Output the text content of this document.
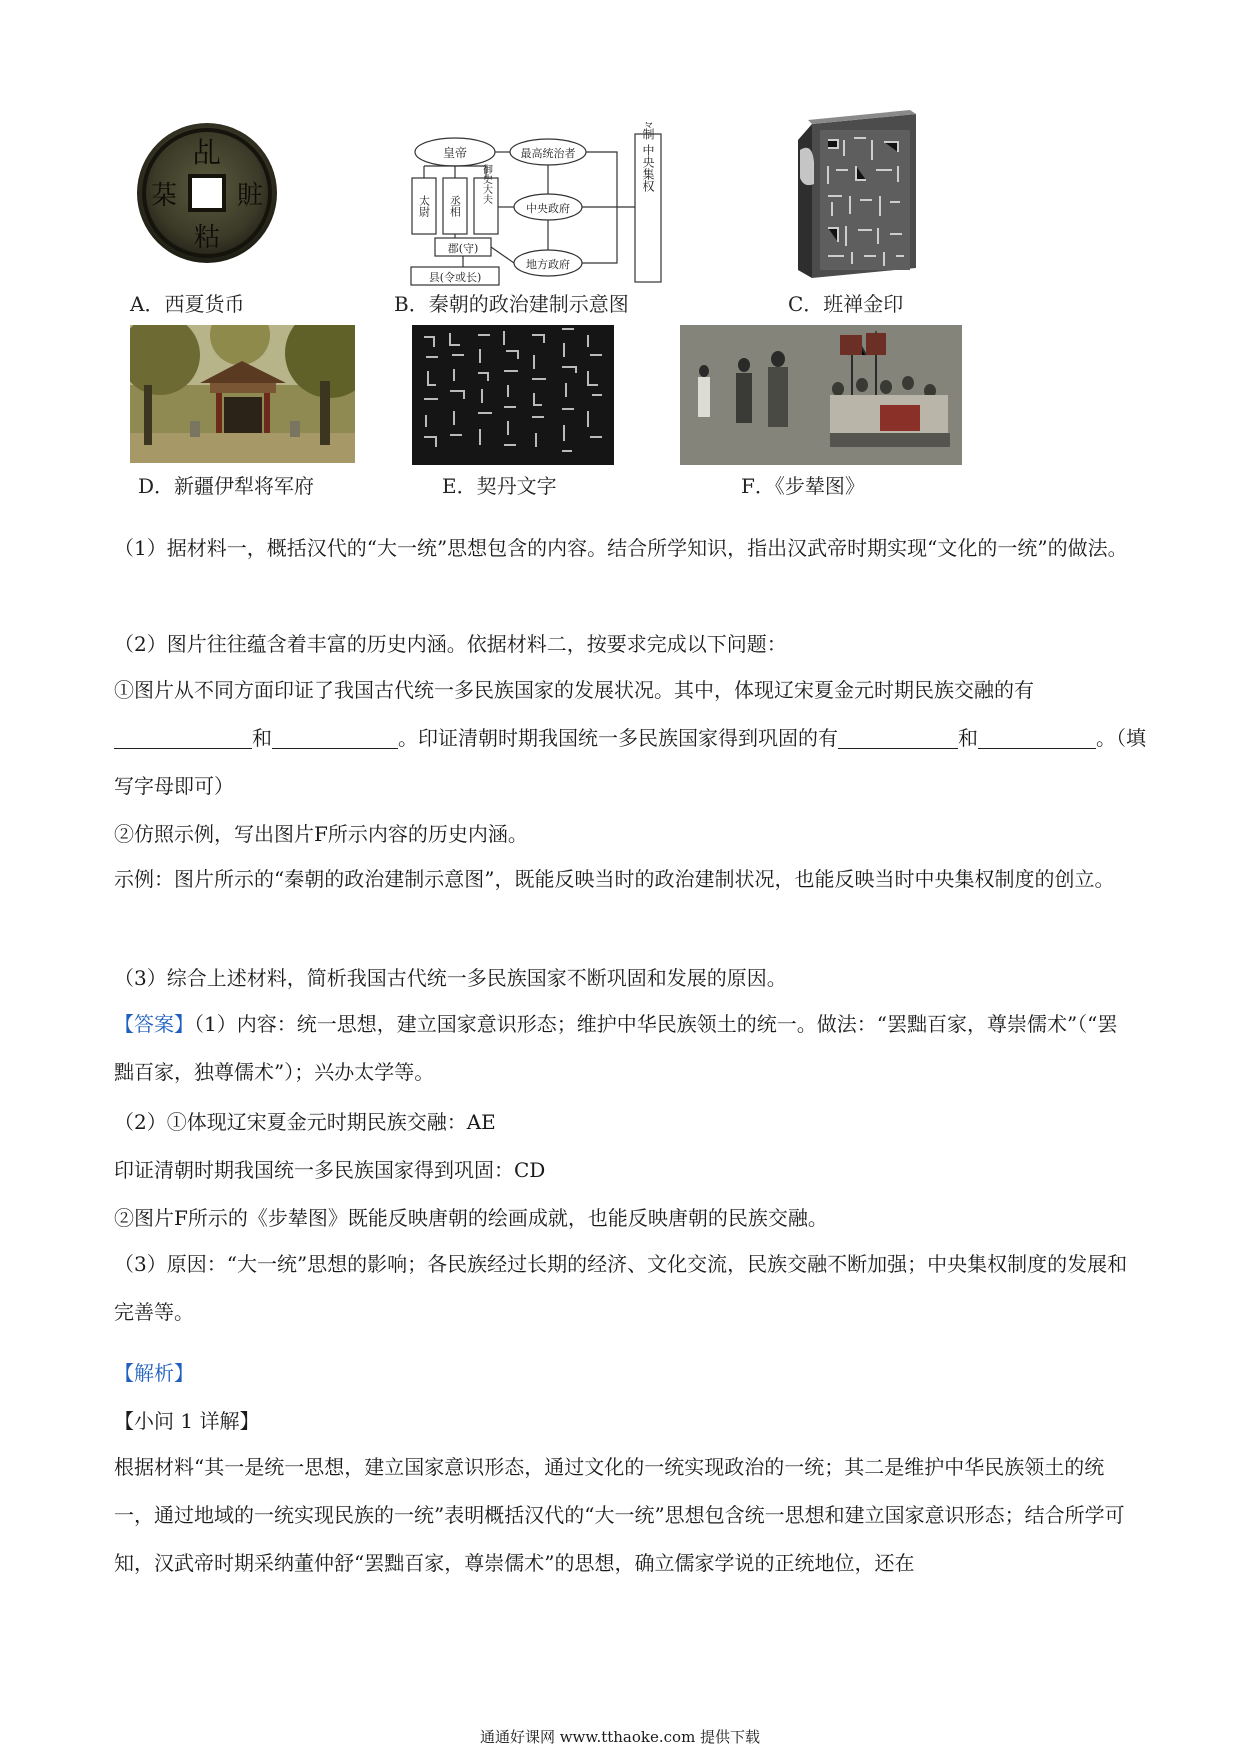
乩
賍
䊀
䒳
A．西夏货币
皇帝	最高统治者
中央政府
地方政府
郡(守)
县(令或长)
太尉 丞相
御史大夫	君主专制 中央集权
B．秦朝的政治建制示意图	C．班禅金印
D．新疆伊犁将军府	E．契丹文字	F．《步辇图》
（1）据材料一，概括汉代的“大一统”思想包含的内容。结合所学知识，指出汉武帝时期实现“文化的一统”的做法。
（2）图片往往蕴含着丰富的历史内涵。依据材料二，按要求完成以下问题：
①图片从不同方面印证了我国古代统一多民族国家的发展状况。其中，体现辽宋夏金元时期民族交融的有
和	。印证清朝时期我国统一多民族国家得到巩固的有	和	。（填
写字母即可）
②仿照示例，写出图片F所示内容的历史内涵。
示例：图片所示的“秦朝的政治建制示意图”，既能反映当时的政治建制状况，也能反映当时中央集权制度的创立。
（3）综合上述材料，简析我国古代统一多民族国家不断巩固和发展的原因。
【答案】（1）内容：统一思想，建立国家意识形态；维护中华民族领土的统一。做法：“罢黜百家，尊崇儒术”（“罢黜百家，独尊儒术”）；兴办太学等。
（2）①体现辽宋夏金元时期民族交融：AE
印证清朝时期我国统一多民族国家得到巩固：CD
②图片F所示的《步辇图》既能反映唐朝的绘画成就，也能反映唐朝的民族交融。
（3）原因：“大一统”思想的影响；各民族经过长期的经济、文化交流，民族交融不断加强；中央集权制度的发展和完善等。
【解析】
【小问 1 详解】
根据材料“其一是统一思想，建立国家意识形态，通过文化的一统实现政治的一统；其二是维护中华民族领土的统一，通过地域的一统实现民族的一统”表明概括汉代的“大一统”思想包含统一思想和建立国家意识形态；结合所学可知，汉武帝时期采纳董仲舒“罢黜百家，尊崇儒术”的思想，确立儒家学说的正统地位，还在
通通好课网 www.tthaoke.com 提供下载
